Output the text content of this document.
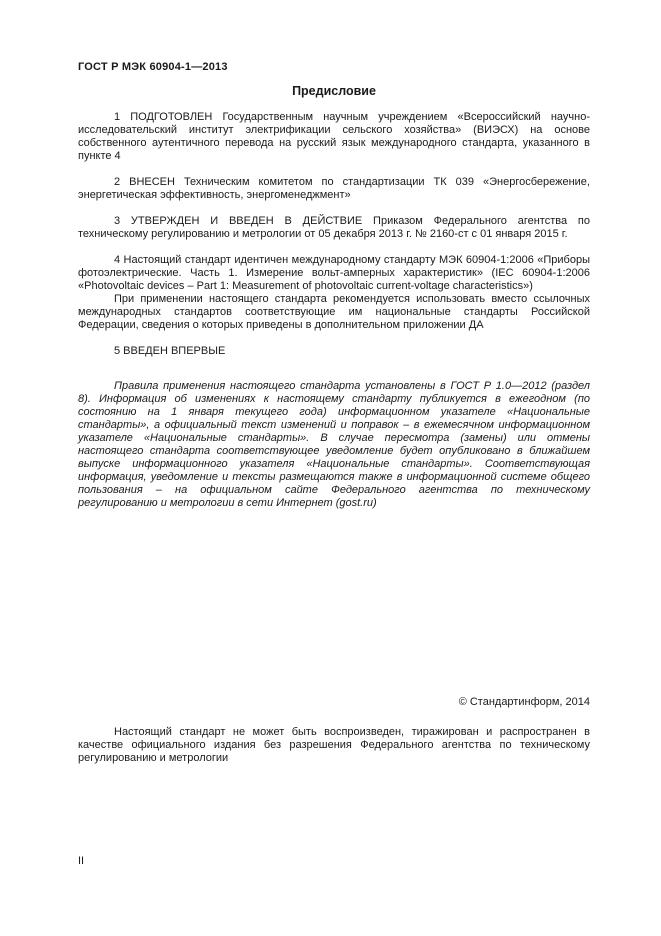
ГОСТ Р МЭК 60904-1—2013
Предисловие

1 ПОДГОТОВЛЕН Государственным научным учреждением «Всероссийский научно-исследовательский институт электрификации сельского хозяйства» (ВИЭСХ) на основе собственного аутентичного перевода на русский язык международного стандарта, указанного в пункте 4

2 ВНЕСЕН Техническим комитетом по стандартизации ТК 039 «Энергосбережение, энергетическая эффективность, энергоменеджмент»

3 УТВЕРЖДЕН И ВВЕДЕН В ДЕЙСТВИЕ Приказом Федерального агентства по техническому регулированию и метрологии от 05 декабря 2013 г. № 2160-ст с 01 января 2015 г.

4 Настоящий стандарт идентичен международному стандарту МЭК 60904-1:2006 «Приборы фотоэлектрические. Часть 1. Измерение вольт-амперных характеристик» (IEC 60904-1:2006 «Photovoltaic devices – Part 1: Measurement of photovoltaic current-voltage characteristics»)

При применении настоящего стандарта рекомендуется использовать вместо ссылочных международных стандартов соответствующие им национальные стандарты Российской Федерации, сведения о которых приведены в дополнительном приложении ДА

5 ВВЕДЕН ВПЕРВЫЕ

Правила применения настоящего стандарта установлены в ГОСТ Р 1.0—2012 (раздел 8). Информация об изменениях к настоящему стандарту публикуется в ежегодном (по состоянию на 1 января текущего года) информационном указателе «Национальные стандарты», а официальный текст изменений и поправок – в ежемесячном информационном указателе «Национальные стандарты». В случае пересмотра (замены) или отмены настоящего стандарта соответствующее уведомление будет опубликовано в ближайшем выпуске информационного указателя «Национальные стандарты». Соответствующая информация, уведомление и тексты размещаются также в информационной системе общего пользования – на официальном сайте Федерального агентства по техническому регулированию и метрологии в сети Интернет (gost.ru)

© Стандартинформ, 2014
Настоящий стандарт не может быть воспроизведен, тиражирован и распространен в качестве официального издания без разрешения Федерального агентства по техническому регулированию и метрологии
II
